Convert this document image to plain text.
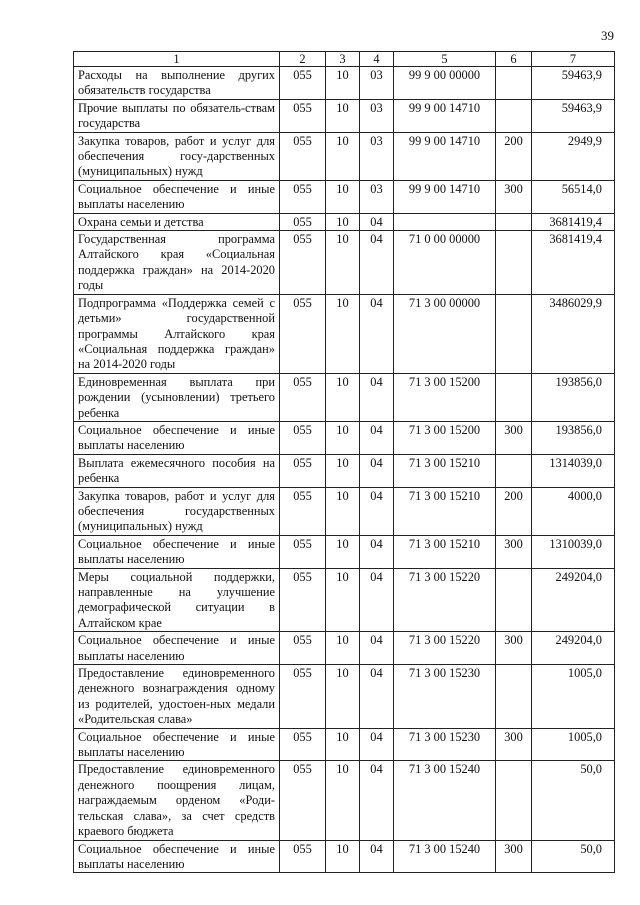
39
1	2	3	4	5	6	7
Расходы на выполнение других обязательств государства	055	10	03	99 9 00 00000		59463,9
Прочие выплаты по обязатель-ствам государства	055	10	03	99 9 00 14710		59463,9
Закупка товаров, работ и услуг для обеспечения госу-дарственных (муниципальных) нужд	055	10	03	99 9 00 14710	200	2949,9
Социальное обеспечение и иные выплаты населению	055	10	03	99 9 00 14710	300	56514,0
Охрана семьи и детства	055	10	04			3681419,4
Государственная программа Алтайского края «Социальная поддержка граждан» на 2014-2020 годы	055	10	04	71 0 00 00000		3681419,4
Подпрограмма «Поддержка семей с детьми» государственной программы Алтайского края «Социальная поддержка граждан» на 2014-2020 годы	055	10	04	71 3 00 00000		3486029,9
Единовременная выплата при рождении (усыновлении) третьего ребенка	055	10	04	71 3 00 15200		193856,0
Социальное обеспечение и иные выплаты населению	055	10	04	71 3 00 15200	300	193856,0
Выплата ежемесячного пособия на ребенка	055	10	04	71 3 00 15210		1314039,0
Закупка товаров, работ и услуг для обеспечения государственных (муниципальных) нужд	055	10	04	71 3 00 15210	200	4000,0
Социальное обеспечение и иные выплаты населению	055	10	04	71 3 00 15210	300	1310039,0
Меры социальной поддержки, направленные на улучшение демографической ситуации в Алтайском крае	055	10	04	71 3 00 15220		249204,0
Социальное обеспечение и иные выплаты населению	055	10	04	71 3 00 15220	300	249204,0
Предоставление единовременного денежного вознаграждения одному из родителей, удостоен-ных медали «Родительская слава»	055	10	04	71 3 00 15230		1005,0
Социальное обеспечение и иные выплаты населению	055	10	04	71 3 00 15230	300	1005,0
Предоставление единовременного денежного поощрения лицам, награждаемым орденом «Роди-тельская слава», за счет средств краевого бюджета	055	10	04	71 3 00 15240		50,0
Социальное обеспечение и иные выплаты населению	055	10	04	71 3 00 15240	300	50,0
